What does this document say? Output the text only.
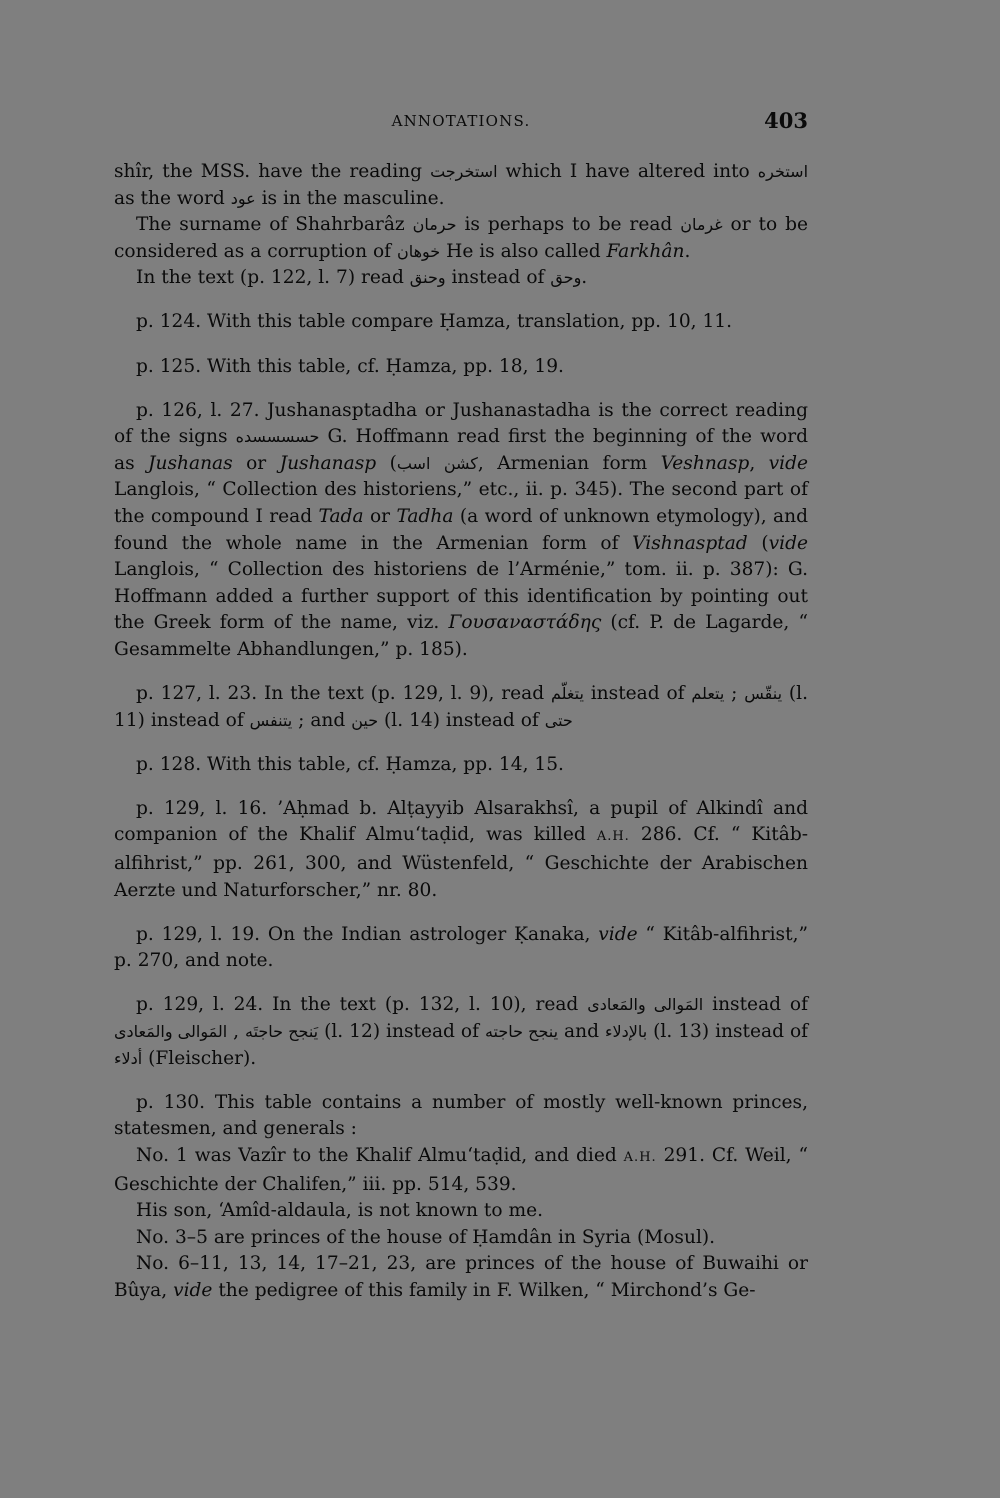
ANNOTATIONS.	403

shîr, the MSS. have the reading استخرجت which I have altered into استخره as the word عود is in the masculine.

The surname of Shahrbarâz حرمان is perhaps to be read غرمان or to be considered as a corruption of خوهان He is also called Farkhân.

In the text (p. 122, l. 7) read وحنق instead of وحق.

p. 124. With this table compare Ḥamza, translation, pp. 10, 11.

p. 125. With this table, cf. Ḥamza, pp. 18, 19.

p. 126, l. 27. Jushanasptadha or Jushanastadha is the correct reading of the signs حسسسسده G. Hoffmann read first the beginning of the word as Jushanas or Jushanasp (اسب كشن, Armenian form Veshnasp, vide Langlois, “ Collection des historiens,” etc., ii. p. 345). The second part of the compound I read Tada or Tadha (a word of unknown etymology), and found the whole name in the Armenian form of Vishnasptad (vide Langlois, “ Collection des historiens de l’Arménie,” tom. ii. p. 387): G. Hoffmann added a further support of this identification by pointing out the Greek form of the name, viz. Γουσαναστάδης (cf. P. de Lagarde, “ Gesammelte Abhandlungen,” p. 185).

p. 127, l. 23. In the text (p. 129, l. 9), read يتغلّم instead of يتعلم ; ينقّس (l. 11) instead of يتنفس ; and حين (l. 14) instead of حتى

p. 128. With this table, cf. Ḥamza, pp. 14, 15.

p. 129, l. 16. ’Aḥmad b. Alṭayyib Alsarakhsî, a pupil of Alkindî and companion of the Khalif Almu‘taḍid, was killed A.H. 286. Cf. “ Kitâb-alfihrist,” pp. 261, 300, and Wüstenfeld, “ Geschichte der Arabischen Aerzte und Naturforscher,” nr. 80.

p. 129, l. 19. On the Indian astrologer Ḳanaka, vide “ Kitâb-alfihrist,” p. 270, and note.

p. 129, l. 24. In the text (p. 132, l. 10), read المَوالى والمَعادى instead of المَوالى والمَعادى , يَنجح حاجتَه (l. 12) instead of ينجح حاجته and بالإدلاء (l. 13) instead of أدلاء (Fleischer).

p. 130. This table contains a number of mostly well-known princes, statesmen, and generals :

No. 1 was Vazîr to the Khalif Almu‘taḍid, and died A.H. 291. Cf. Weil, “ Geschichte der Chalifen,” iii. pp. 514, 539.

His son, ‘Amîd-aldaula, is not known to me.

No. 3–5 are princes of the house of Ḥamdân in Syria (Mosul).

No. 6–11, 13, 14, 17–21, 23, are princes of the house of Buwaihi or Bûya, vide the pedigree of this family in F. Wilken, “ Mirchond’s Ge-
